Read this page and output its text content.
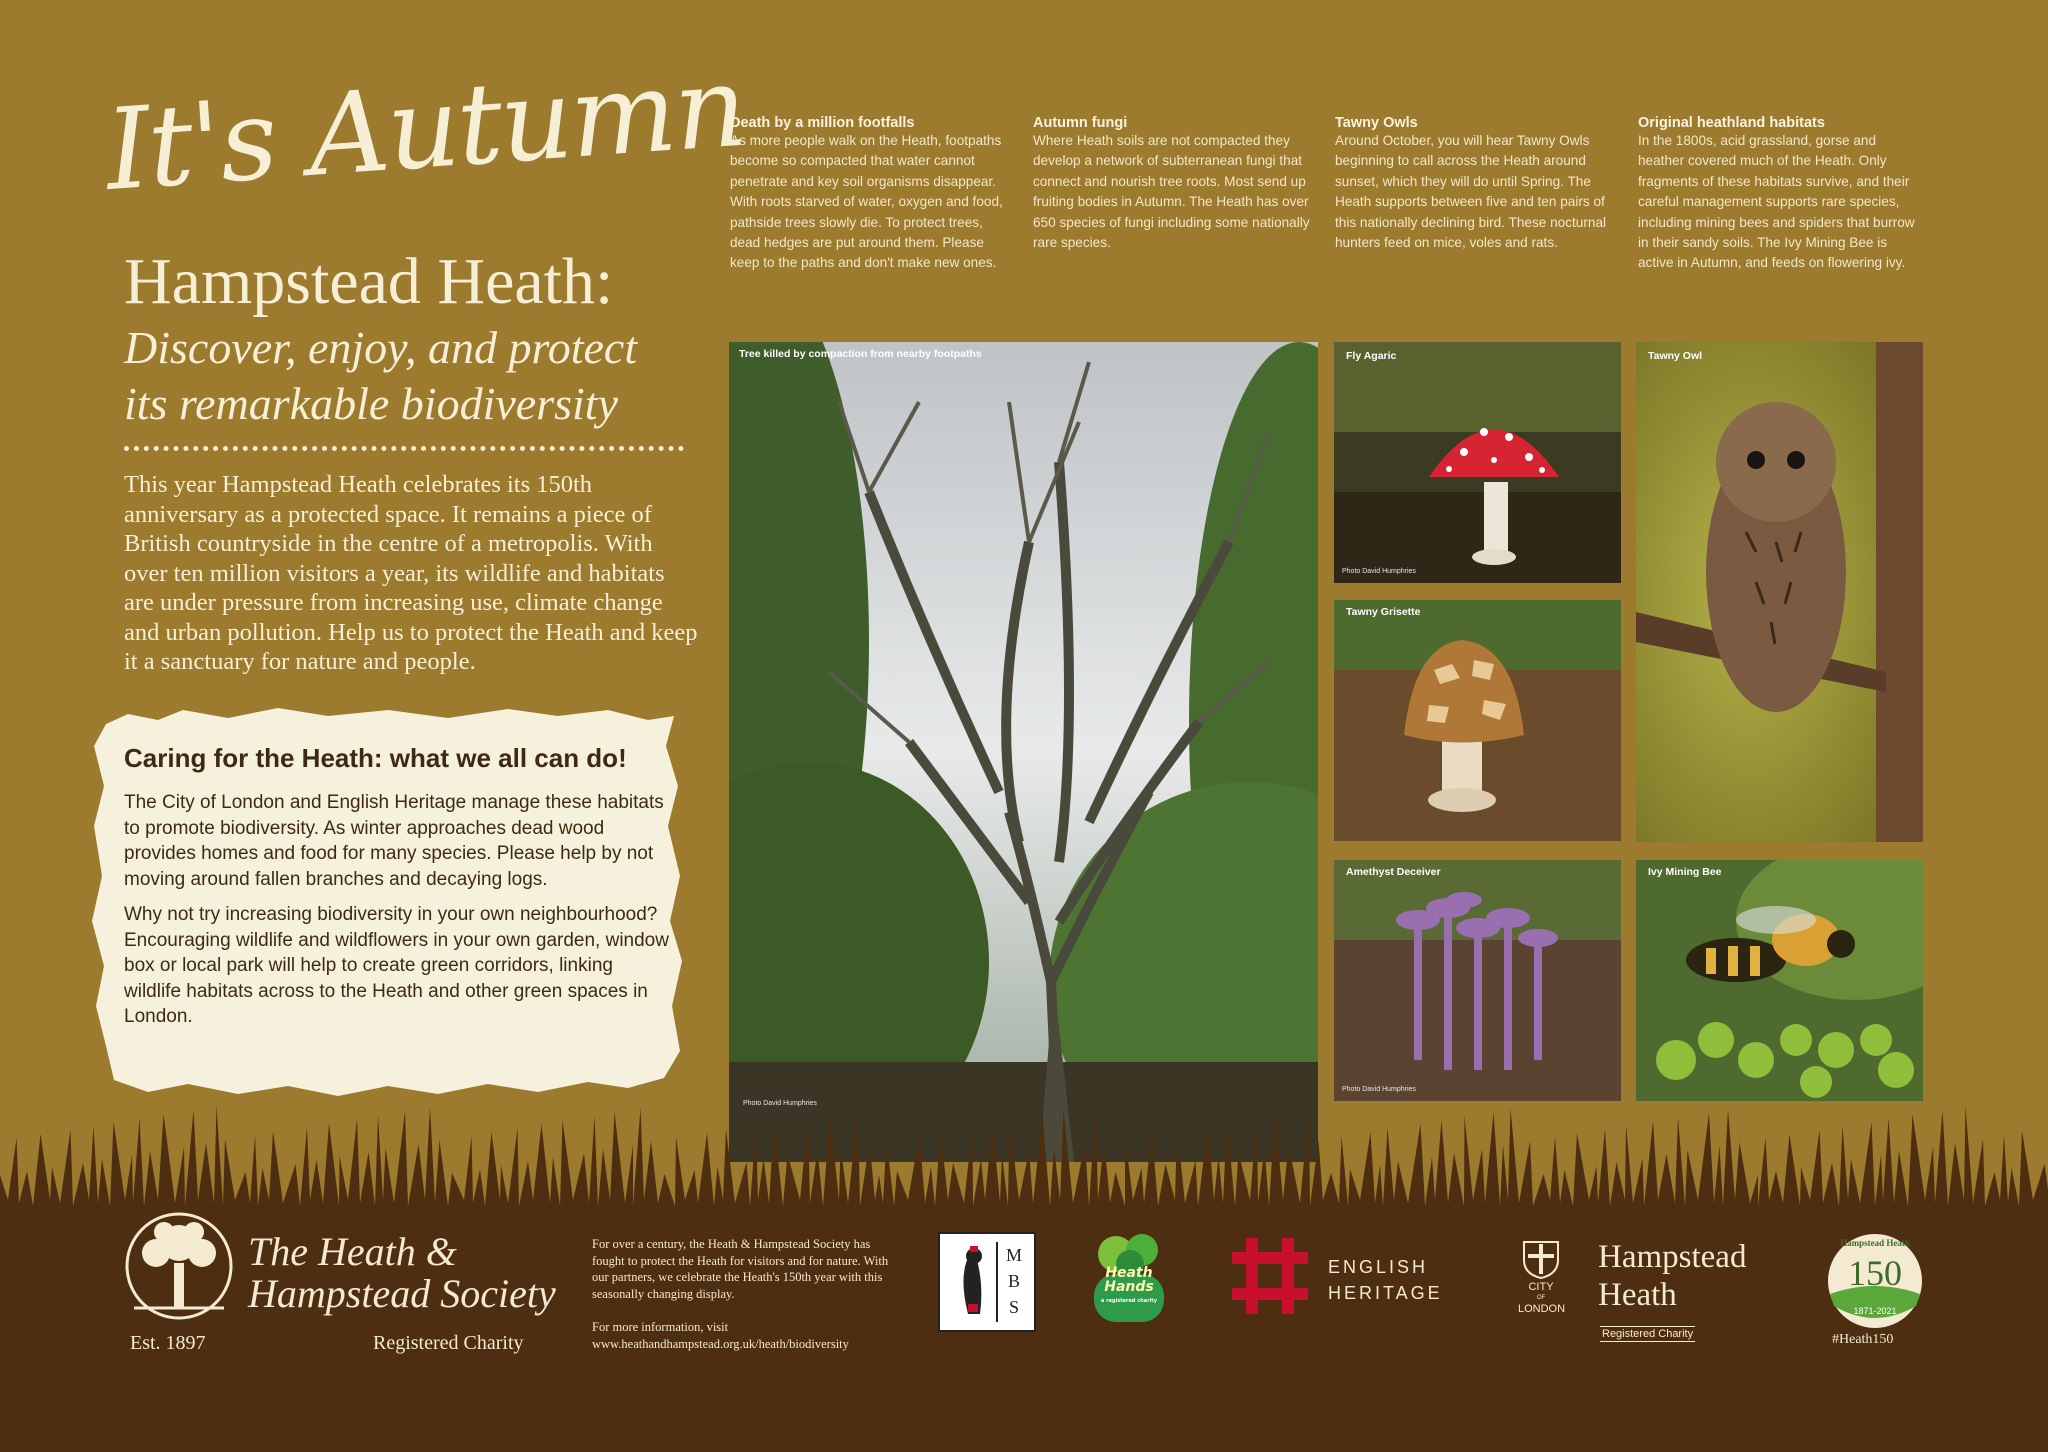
It's Autumn
Hampstead Heath:
Discover, enjoy, and protect its remarkable biodiversity
This year Hampstead Heath celebrates its 150th anniversary as a protected space. It remains a piece of British countryside in the centre of a metropolis. With over ten million visitors a year, its wildlife and habitats are under pressure from increasing use, climate change and urban pollution. Help us to protect the Heath and keep it a sanctuary for nature and people.
Caring for the Heath: what we all can do!
The City of London and English Heritage manage these habitats to promote biodiversity. As winter approaches dead wood provides homes and food for many species. Please help by not moving around fallen branches and decaying logs.
Why not try increasing biodiversity in your own neighbourhood? Encouraging wildlife and wildflowers in your own garden, window box or local park will help to create green corridors, linking wildlife habitats across to the Heath and other green spaces in London.
Death by a million footfalls
As more people walk on the Heath, footpaths become so compacted that water cannot penetrate and key soil organisms disappear. With roots starved of water, oxygen and food, pathside trees slowly die. To protect trees, dead hedges are put around them. Please keep to the paths and don't make new ones.
Autumn fungi
Where Heath soils are not compacted they develop a network of subterranean fungi that connect and nourish tree roots. Most send up fruiting bodies in Autumn. The Heath has over 650 species of fungi including some nationally rare species.
Tawny Owls
Around October, you will hear Tawny Owls beginning to call across the Heath around sunset, which they will do until Spring. The Heath supports between five and ten pairs of this nationally declining bird. These nocturnal hunters feed on mice, voles and rats.
Original heathland habitats
In the 1800s, acid grassland, gorse and heather covered much of the Heath. Only fragments of these habitats survive, and their careful management supports rare species, including mining bees and spiders that burrow in their sandy soils. The Ivy Mining Bee is active in Autumn, and feeds on flowering ivy.
Tree killed by compaction from nearby footpaths
Photo David Humphries
Fly Agaric
Photo David Humphries
Tawny Grisette
Amethyst Deceiver
Photo David Humphries
Tawny Owl
Ivy Mining Bee
The Heath &
Hampstead Society
Est. 1897	Registered Charity
For over a century, the Heath & Hampstead Society has fought to protect the Heath for visitors and for nature. With our partners, we celebrate the Heath's 150th year with this seasonally changing display.
For more information, visit
www.heathandhampstead.org.uk/heath/biodiversity
M B S
Heath
Hands
a registered charity
ENGLISH
HERITAGE	CITY
OF
LONDON
Hampstead
Heath
Registered Charity
Hampstead Heath
150
1871-2021
#Heath150
